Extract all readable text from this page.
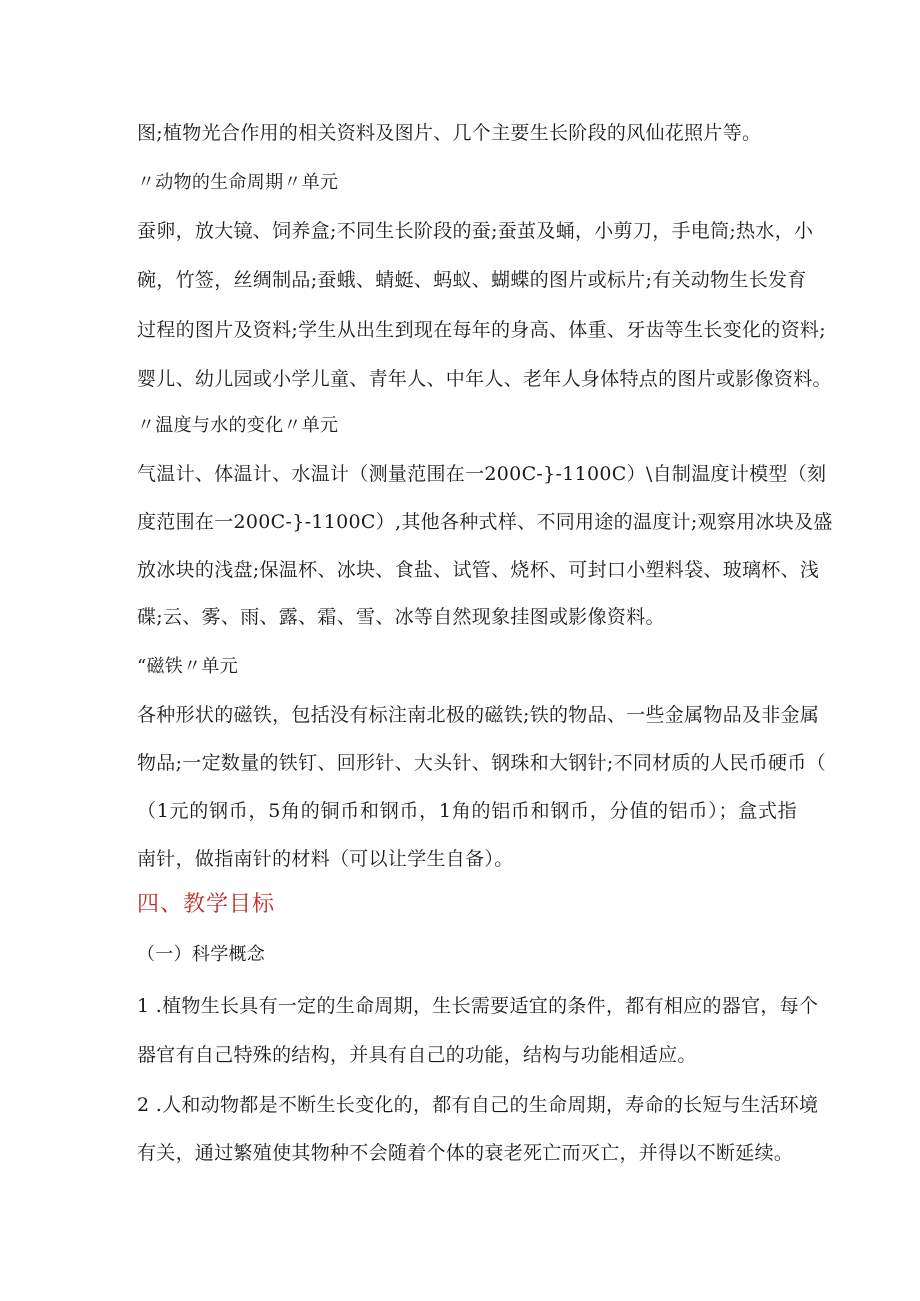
图;植物光合作用的相关资料及图片、几个主要生长阶段的风仙花照片等。
〃动物的生命周期〃单元
蚕卵，放大镜、饲养盒;不同生长阶段的蚕;蚕茧及蛹，小剪刀，手电筒;热水，小
碗，竹签，丝绸制品;蚕蛾、蜻蜓、蚂蚁、蝴蝶的图片或标片;有关动物生长发育
过程的图片及资料;学生从出生到现在每年的身高、体重、牙齿等生长变化的资料;
婴儿、幼儿园或小学儿童、青年人、中年人、老年人身体特点的图片或影像资料。
〃温度与水的变化〃单元
气温计、体温计、水温计（测量范围在一200C-}-1100C）\自制温度计模型（刻
度范围在一200C-}-1100C）,其他各种式样、不同用途的温度计;观察用冰块及盛
放冰块的浅盘;保温杯、冰块、食盐、试管、烧杯、可封口小塑料袋、玻璃杯、浅
碟;云、雾、雨、露、霜、雪、冰等自然现象挂图或影像资料。
“磁铁〃单元
各种形状的磁铁，包括没有标注南北极的磁铁;铁的物品、一些金属物品及非金属
物品;一定数量的铁钉、回形针、大头针、钢珠和大钢针;不同材质的人民币硬币（
（1元的钢币，5角的铜币和钢币，1角的铝币和钢币，分值的铝币）；盒式指
南针，做指南针的材料（可以让学生自备）。
四、教学目标
（一）科学概念
1 .植物生长具有一定的生命周期，生长需要适宜的条件，都有相应的器官，每个
器官有自己特殊的结构，并具有自己的功能，结构与功能相适应。
2 .人和动物都是不断生长变化的，都有自己的生命周期，寿命的长短与生活环境
有关，通过繁殖使其物种不会随着个体的衰老死亡而灭亡，并得以不断延续。
